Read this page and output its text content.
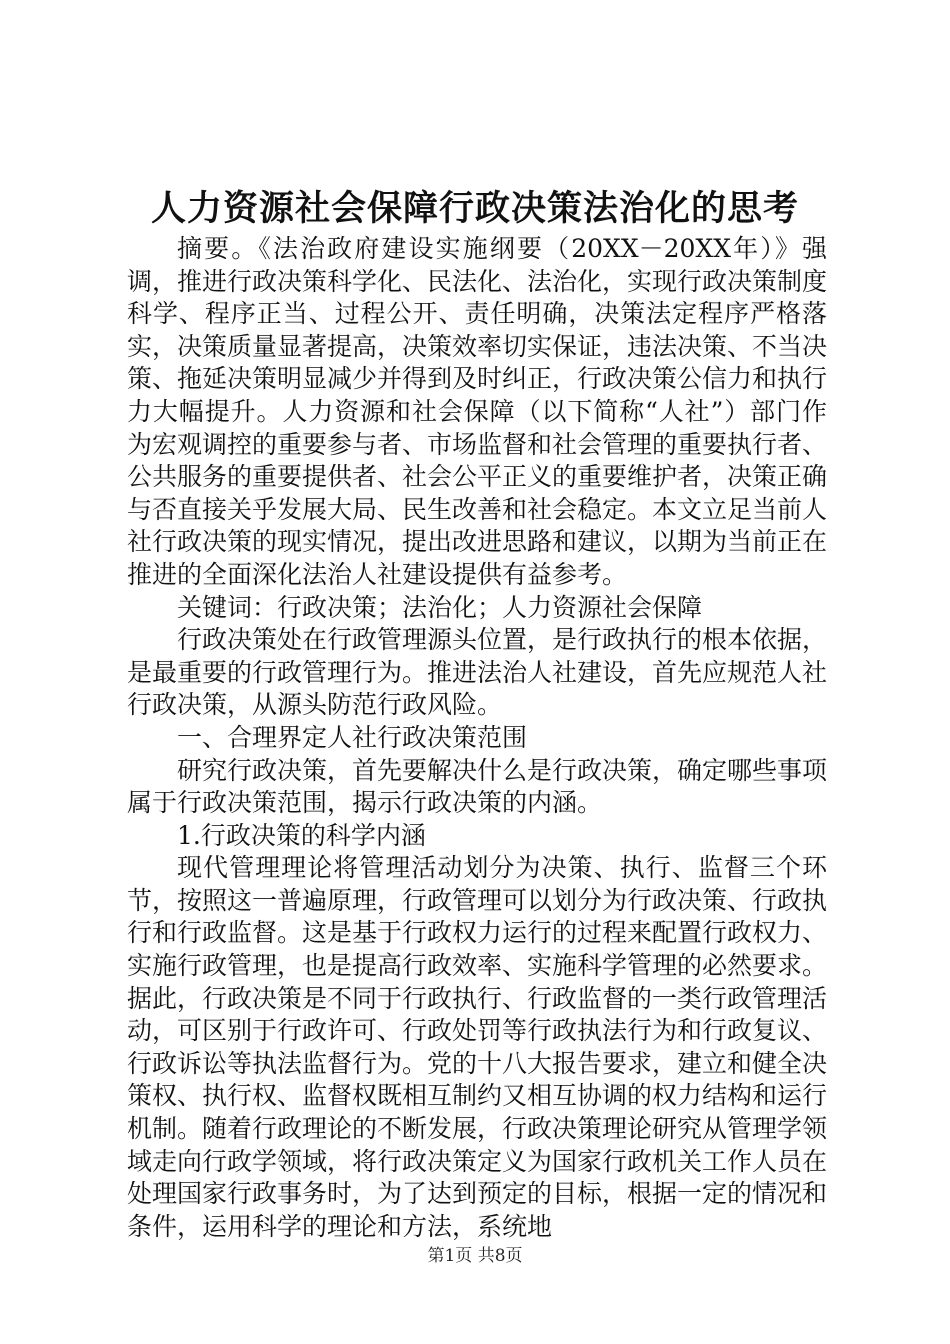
人力资源社会保障行政决策法治化的思考

摘要。《法治政府建设实施纲要（20XX－20XX年）》强调，推进行政决策科学化、民法化、法治化，实现行政决策制度科学、程序正当、过程公开、责任明确，决策法定程序严格落实，决策质量显著提高，决策效率切实保证，违法决策、不当决策、拖延决策明显减少并得到及时纠正，行政决策公信力和执行力大幅提升。人力资源和社会保障（以下简称“人社”）部门作为宏观调控的重要参与者、市场监督和社会管理的重要执行者、公共服务的重要提供者、社会公平正义的重要维护者，决策正确与否直接关乎发展大局、民生改善和社会稳定。本文立足当前人社行政决策的现实情况，提出改进思路和建议，以期为当前正在推进的全面深化法治人社建设提供有益参考。

关键词：行政决策；法治化；人力资源社会保障

行政决策处在行政管理源头位置，是行政执行的根本依据，是最重要的行政管理行为。推进法治人社建设，首先应规范人社行政决策，从源头防范行政风险。

一、合理界定人社行政决策范围

研究行政决策，首先要解决什么是行政决策，确定哪些事项属于行政决策范围，揭示行政决策的内涵。

1.行政决策的科学内涵

现代管理理论将管理活动划分为决策、执行、监督三个环节，按照这一普遍原理，行政管理可以划分为行政决策、行政执行和行政监督。这是基于行政权力运行的过程来配置行政权力、实施行政管理，也是提高行政效率、实施科学管理的必然要求。据此，行政决策是不同于行政执行、行政监督的一类行政管理活动，可区别于行政许可、行政处罚等行政执法行为和行政复议、行政诉讼等执法监督行为。党的十八大报告要求，建立和健全决策权、执行权、监督权既相互制约又相互协调的权力结构和运行机制。随着行政理论的不断发展，行政决策理论研究从管理学领域走向行政学领域，将行政决策定义为国家行政机关工作人员在处理国家行政事务时，为了达到预定的目标，根据一定的情况和条件，运用科学的理论和方法，系统地

第1页 共8页
